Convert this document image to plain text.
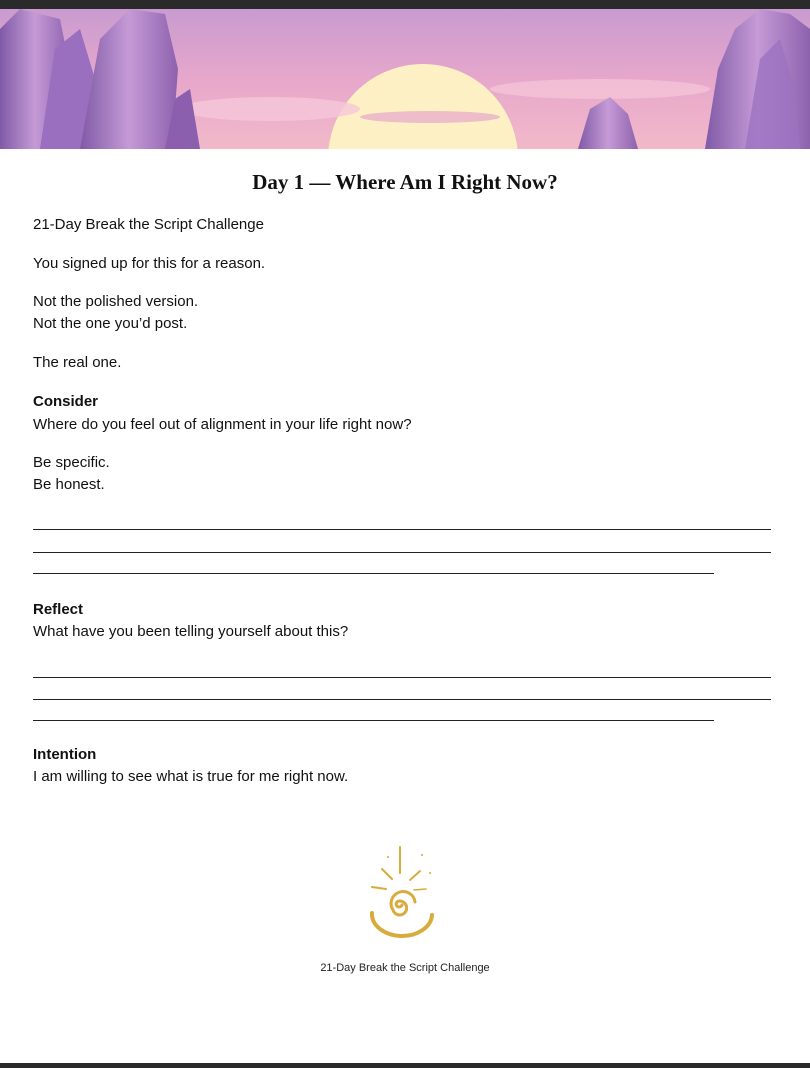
Day 1 — Where Am I Right Now?
21-Day Break the Script Challenge
You signed up for this for a reason.
Not the polished version.
Not the one you’d post.
The real one.
Consider
Where do you feel out of alignment in your life right now?
Be specific.
Be honest.
Reflect
What have you been telling yourself about this?
Intention
I am willing to see what is true for me right now.
21-Day Break the Script Challenge
